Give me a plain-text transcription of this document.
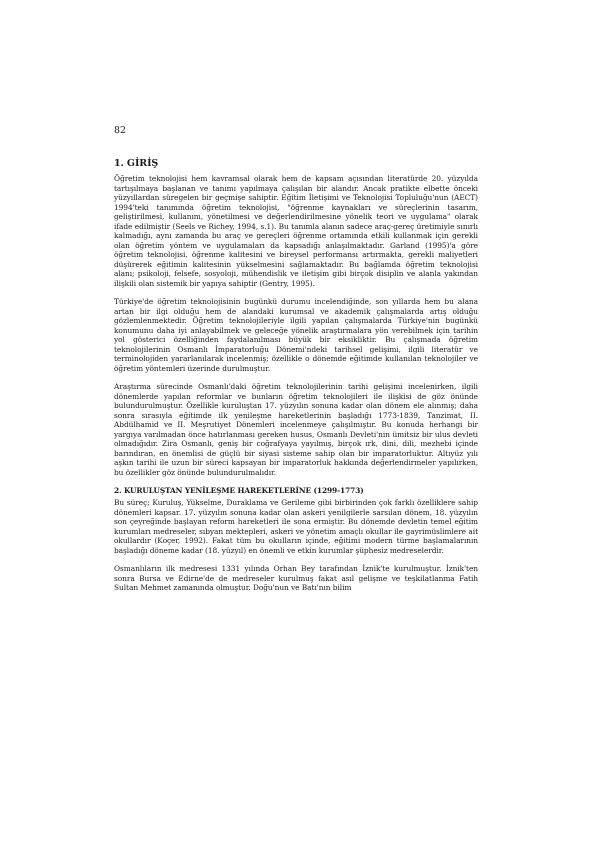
82
1. GİRİŞ

Öğretim teknolojisi hem kavramsal olarak hem de kapsam açısından literatürde 20. yüzyılda tartışılmaya başlanan ve tanımı yapılmaya çalışılan bir alandır. Ancak pratikte elbette önceki yüzyıllardan süregelen bir geçmişe sahiptir. Eğitim İletişimi ve Teknolojisi Topluluğu'nun (AECT) 1994'teki tanımında öğretim teknolojisi, "öğrenme kaynakları ve süreçlerinin tasarım, geliştirilmesi, kullanım, yönetilmesi ve değerlendirilmesine yönelik teori ve uygulama" olarak ifade edilmiştir (Seels ve Richey, 1994, s.1). Bu tanımla alanın sadece araç-gereç üretimiyle sınırlı kalmadığı, aynı zamanda bu araç ve gereçleri öğrenme ortamında etkili kullanmak için gerekli olan öğretim yöntem ve uygulamaları da kapsadığı anlaşılmaktadır. Garland (1995)'a göre öğretim teknolojisi, öğrenme kalitesini ve bireysel performansı artırmakta, gerekli maliyetleri düşürerek eğitimin kalitesinin yükselmesini sağlamaktadır. Bu bağlamda öğretim teknolojisi alanı; psikoloji, felsefe, sosyoloji, mühendislik ve iletişim gibi birçok disiplin ve alanla yakından ilişkili olan sistemik bir yapıya sahiptir (Gentry, 1995).

Türkiye'de öğretim teknolojisinin bugünkü durumu incelendiğinde, son yıllarda hem bu alana artan bir ilgi olduğu hem de alandaki kurumsal ve akademik çalışmalarda artış olduğu gözlemlenmektedir. Öğretim teknolojileriyle ilgili yapılan çalışmalarda Türkiye'nin bugünkü konumunu daha iyi anlayabilmek ve geleceğe yönelik araştırmalara yön verebilmek için tarihin yol gösterici özelliğinden faydalanılması büyük bir eksikliktir. Bu çalışmada öğretim teknolojilerinin Osmanlı İmparatorluğu Dönemi'ndeki tarihsel gelişimi, ilgili literatür ve terminolojiden yararlanılarak incelenmiş; özellikle o dönemde eğitimde kullanılan teknolojiler ve öğretim yöntemleri üzerinde durulmuştur.

Araştırma sürecinde Osmanlı'daki öğretim teknolojilerinin tarihi gelişimi incelenirken, ilgili dönemlerde yapılan reformlar ve bunların öğretim teknolojileri ile ilişkisi de göz önünde bulundurulmuştur. Özellikle kuruluştan 17. yüzyılın sonuna kadar olan dönem ele alınmış; daha sonra sırasıyla eğitimde ilk yenileşme hareketlerinin başladığı 1773-1839, Tanzimat, II. Abdülhamid ve II. Meşrutiyet Dönemleri incelenmeye çalışılmıştır. Bu konuda herhangi bir yargıya varılmadan önce hatırlanması gereken husus, Osmanlı Devleti'nin ümitsiz bir ulus devleti olmadığıdır. Zira Osmanlı, geniş bir coğrafyaya yayılmış, birçok ırk, dini, dili, mezhebi içinde barındıran, en önemlisi de güçlü bir siyasi sisteme sahip olan bir imparatorluktur. Altıyüz yılı aşkın tarihi ile uzun bir süreci kapsayan bir imparatorluk hakkında değerlendirmeler yapılırken, bu özellikler göz önünde bulundurulmalıdır.

2. KURULUŞTAN YENİLEŞME HAREKETLERİNE (1299-1773)

Bu süreç; Kuruluş, Yükselme, Duraklama ve Gerileme gibi birbirinden çok farklı özelliklere sahip dönemleri kapsar. 17. yüzyılın sonuna kadar olan askeri yenilgilerle sarsılan dönem, 18. yüzyılın son çeyreğinde başlayan reform hareketleri ile sona ermiştir. Bu dönemde devletin temel eğitim kurumları medreseler, sıbyan mektepleri, askeri ve yönetim amaçlı okullar ile gayrimüslimlere ait okullardır (Koçer, 1992). Fakat tüm bu okulların içinde, eğitimi modern türme başlamalarının başladığı döneme kadar (18. yüzyıl) en önemli ve etkin kurumlar şüphesiz medreselerdir.

Osmanlıların ilk medresesi 1331 yılında Orhan Bey tarafından İznik'te kurulmuştur. İznik'ten sonra Bursa ve Edirne'de de medreseler kurulmuş fakat asıl gelişme ve teşkilatlanma Fatih Sultan Mehmet zamanında olmuştur. Doğu'nun ve Batı'nın bilim
